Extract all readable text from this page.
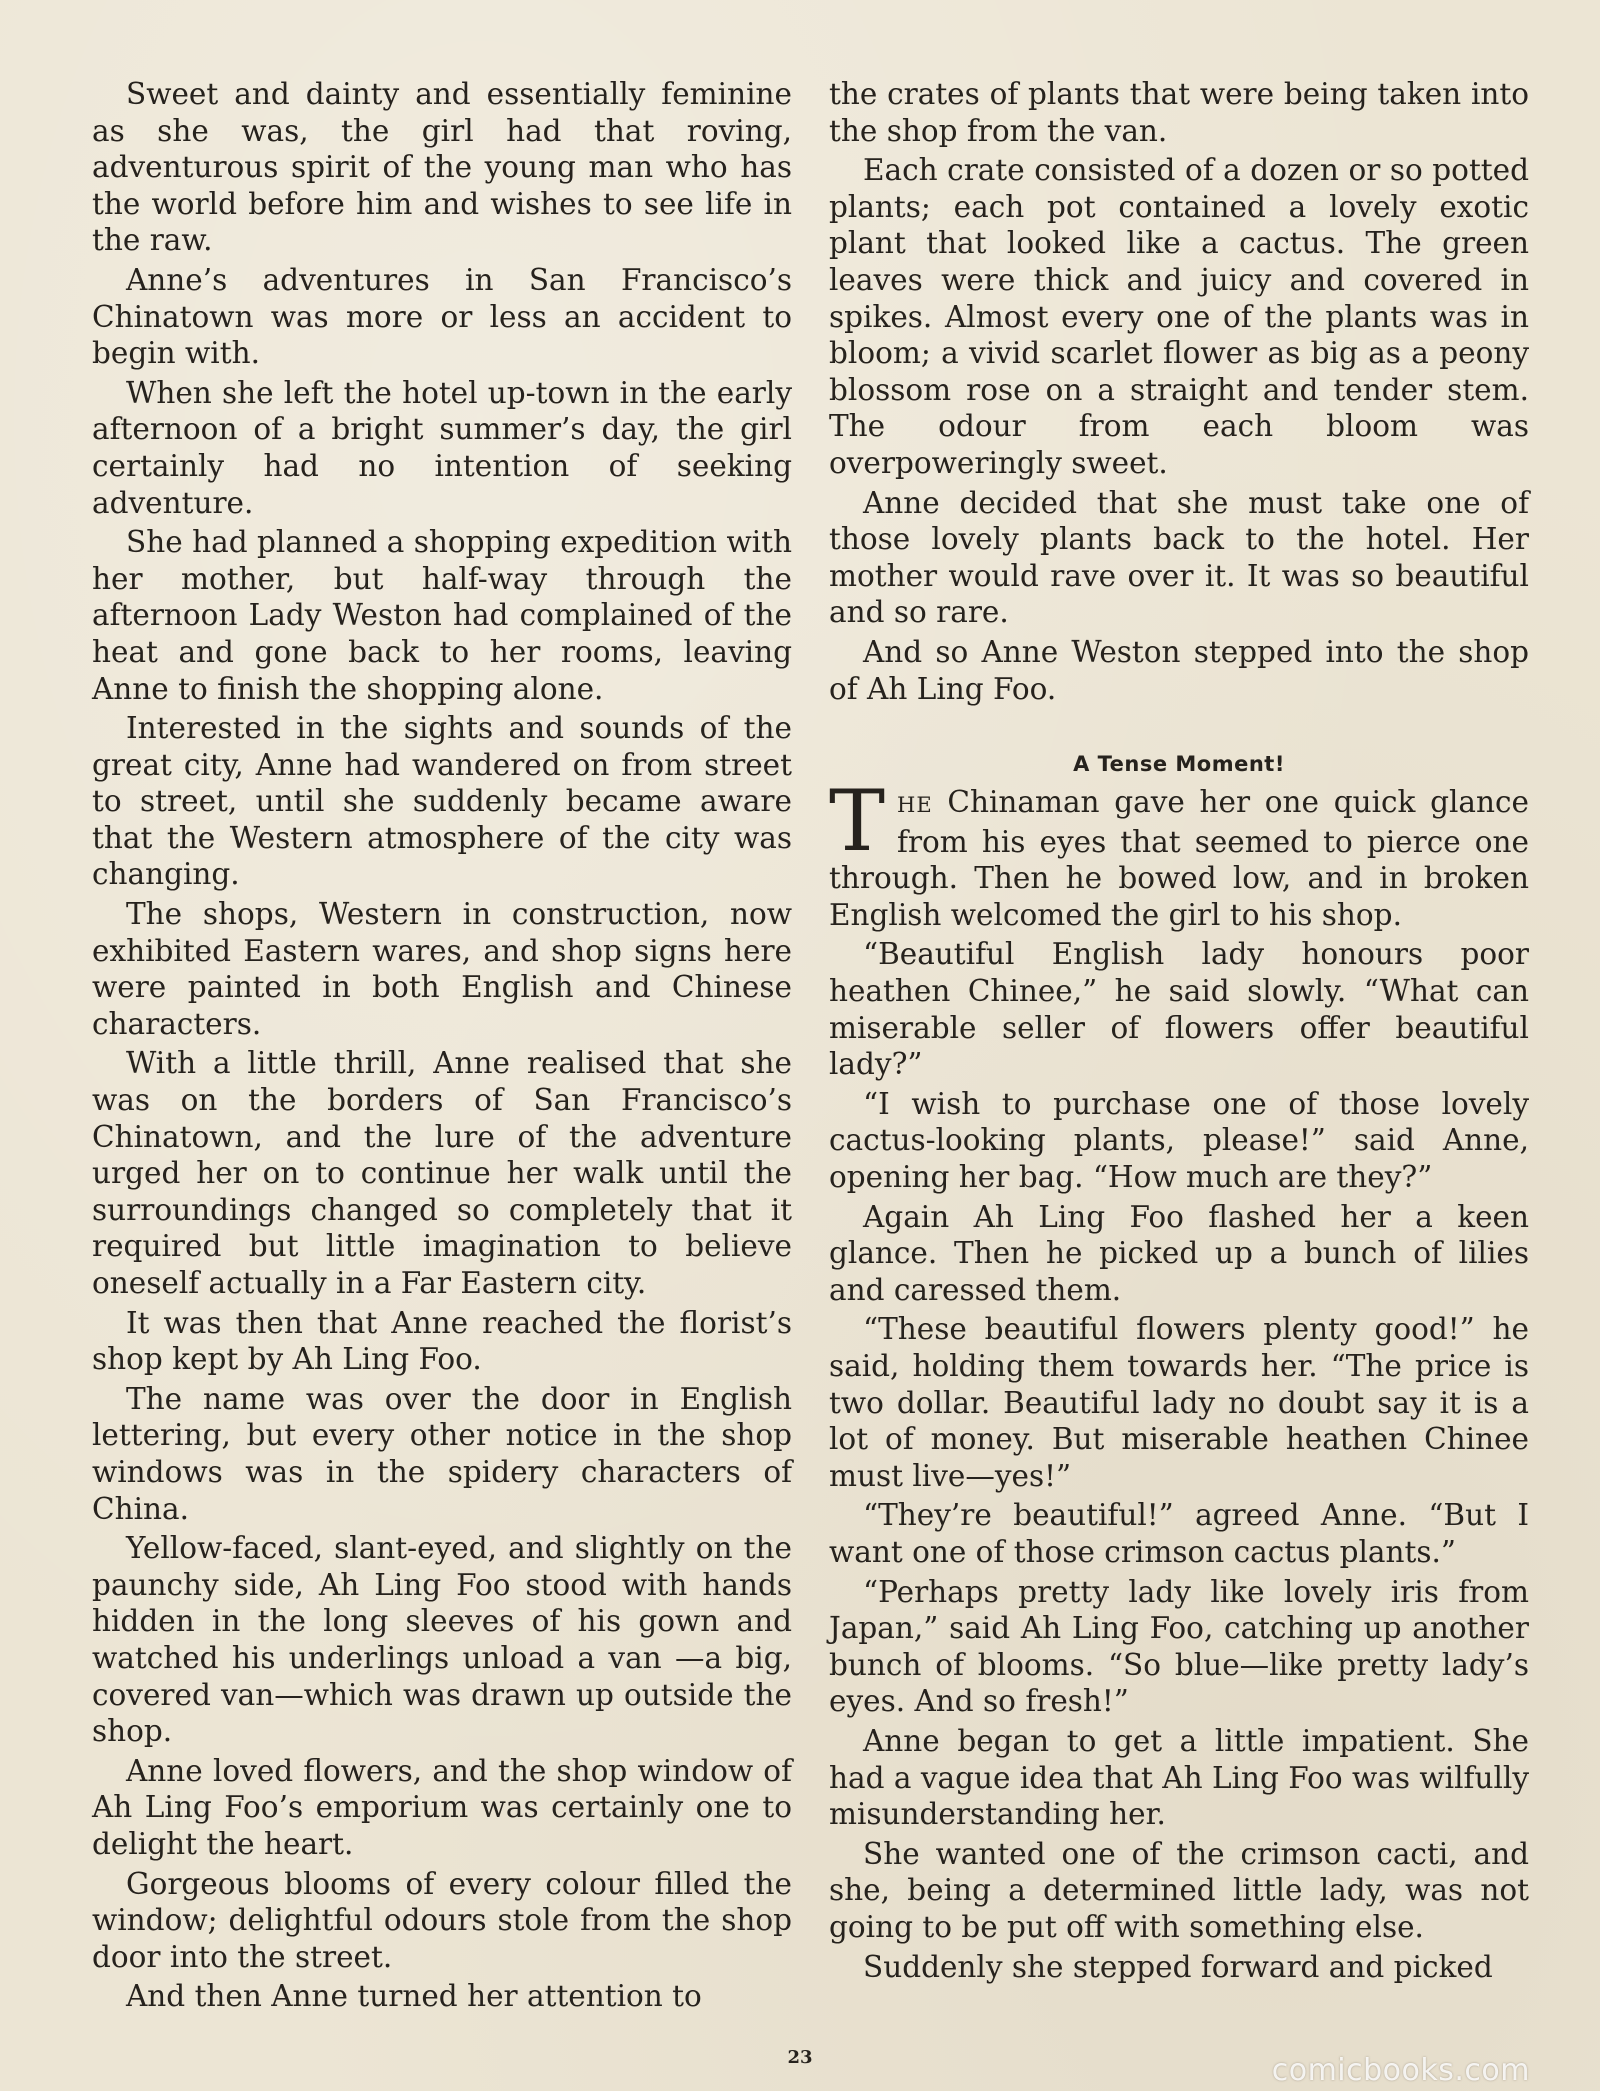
Sweet and dainty and essentially feminine as she was, the girl had that roving, adventurous spirit of the young man who has the world before him and wishes to see life in the raw.

Anne’s adventures in San Francisco’s Chinatown was more or less an accident to begin with.

When she left the hotel up-town in the early afternoon of a bright summer’s day, the girl certainly had no intention of seeking adventure.

She had planned a shopping expedition with her mother, but half-way through the afternoon Lady Weston had complained of the heat and gone back to her rooms, leaving Anne to finish the shopping alone.

Interested in the sights and sounds of the great city, Anne had wandered on from street to street, until she suddenly became aware that the Western atmosphere of the city was changing.

The shops, Western in construction, now exhibited Eastern wares, and shop signs here were painted in both English and Chinese characters.

With a little thrill, Anne realised that she was on the borders of San Francisco’s Chinatown, and the lure of the adventure urged her on to continue her walk until the surroundings changed so completely that it required but little imagination to believe oneself actually in a Far Eastern city.

It was then that Anne reached the florist’s shop kept by Ah Ling Foo.

The name was over the door in English lettering, but every other notice in the shop windows was in the spidery characters of China.

Yellow-faced, slant-eyed, and slightly on the paunchy side, Ah Ling Foo stood with hands hidden in the long sleeves of his gown and watched his underlings unload a van —a big, covered van—which was drawn up outside the shop.

Anne loved flowers, and the shop window of Ah Ling Foo’s emporium was certainly one to delight the heart.

Gorgeous blooms of every colour filled the window; delightful odours stole from the shop door into the street.

And then Anne turned her attention to

the crates of plants that were being taken into the shop from the van.

Each crate consisted of a dozen or so potted plants; each pot contained a lovely exotic plant that looked like a cactus. The green leaves were thick and juicy and covered in spikes. Almost every one of the plants was in bloom; a vivid scarlet flower as big as a peony blossom rose on a straight and tender stem. The odour from each bloom was overpoweringly sweet.

Anne decided that she must take one of those lovely plants back to the hotel. Her mother would rave over it. It was so beautiful and so rare.

And so Anne Weston stepped into the shop of Ah Ling Foo.

A Tense Moment!

THE Chinaman gave her one quick glance from his eyes that seemed to pierce one through. Then he bowed low, and in broken English welcomed the girl to his shop.

“Beautiful English lady honours poor heathen Chinee,” he said slowly. “What can miserable seller of flowers offer beautiful lady?”

“I wish to purchase one of those lovely cactus-looking plants, please!” said Anne, opening her bag. “How much are they?”

Again Ah Ling Foo flashed her a keen glance. Then he picked up a bunch of lilies and caressed them.

“These beautiful flowers plenty good!” he said, holding them towards her. “The price is two dollar. Beautiful lady no doubt say it is a lot of money. But miserable heathen Chinee must live—yes!”

“They’re beautiful!” agreed Anne. “But I want one of those crimson cactus plants.”

“Perhaps pretty lady like lovely iris from Japan,” said Ah Ling Foo, catching up another bunch of blooms. “So blue—like pretty lady’s eyes. And so fresh!”

Anne began to get a little impatient. She had a vague idea that Ah Ling Foo was wilfully misunderstanding her.

She wanted one of the crimson cacti, and she, being a determined little lady, was not going to be put off with something else.

Suddenly she stepped forward and picked

23	comicbooks.com
